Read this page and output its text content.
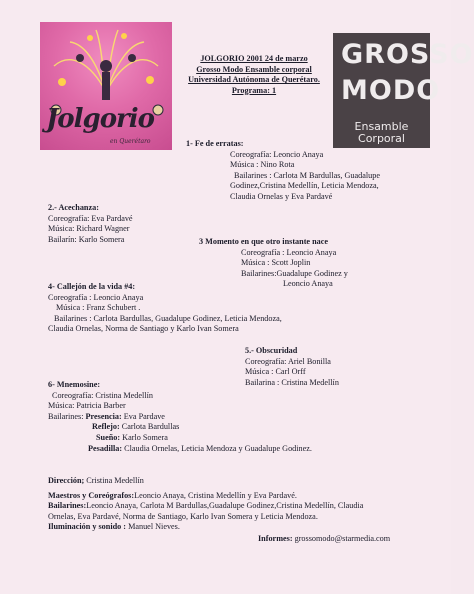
Jolgorio
en Querétaro
JOLGORIO 2001 24 de marzo
Grosso Modo Ensamble corporal
Universidad Autónoma de Querétaro.
Programa: 1
GROSSO
MODO
Ensamble
Corporal
1- Fe de erratas:
Coreografía: Leoncio Anaya
Música : Nino Rota
Bailarines : Carlota M Bardullas, Guadalupe
Godinez,Cristina Medellín, Leticia Mendoza,
Claudia Ornelas y Eva Pardavé
2.- Acechanza:
Coreografía: Eva Pardavé
Música: Richard Wagner
Bailarín: Karlo Somera	3 Momento en que otro instante nace
Coreografía : Leoncio Anaya
Música : Scott Joplin
Bailarines:Guadalupe Godinez y
Leoncio Anaya
4- Callejón de la vida #4:
Coreografía : Leoncio Anaya
Música : Franz Schubert .
Bailarines : Carlota Bardullas, Guadalupe Godinez, Leticia Mendoza,
Claudia Ornelas, Norma de Santiago y Karlo Ivan Somera
5.- Obscuridad
Coreografía: Ariel Bonilla
Música : Carl Orff
Bailarina : Cristina Medellín
6- Mnemosine:
Coreografía: Cristina Medellín
Música: Patricia Barber
Bailarines: Presencia: Eva Pardave
Reflejo: Carlota Bardullas
Sueño: Karlo Somera
Pesadilla: Claudia Ornelas, Leticia Mendoza y Guadalupe Godinez.
Dirección; Cristina Medellín
Maestros y Coreógrafos:Leoncio Anaya, Cristina Medellín y Eva Pardavé.
Bailarines:Leoncio Anaya, Carlota M Bardullas,Guadalupe Godinez,Cristina Medellín, Claudia
Ornelas, Eva Pardavé, Norma de Santiago, Karlo Ivan Somera y Leticia Mendoza.
Iluminación y sonido : Manuel Nieves.
Informes: grossomodo@starmedia.com
